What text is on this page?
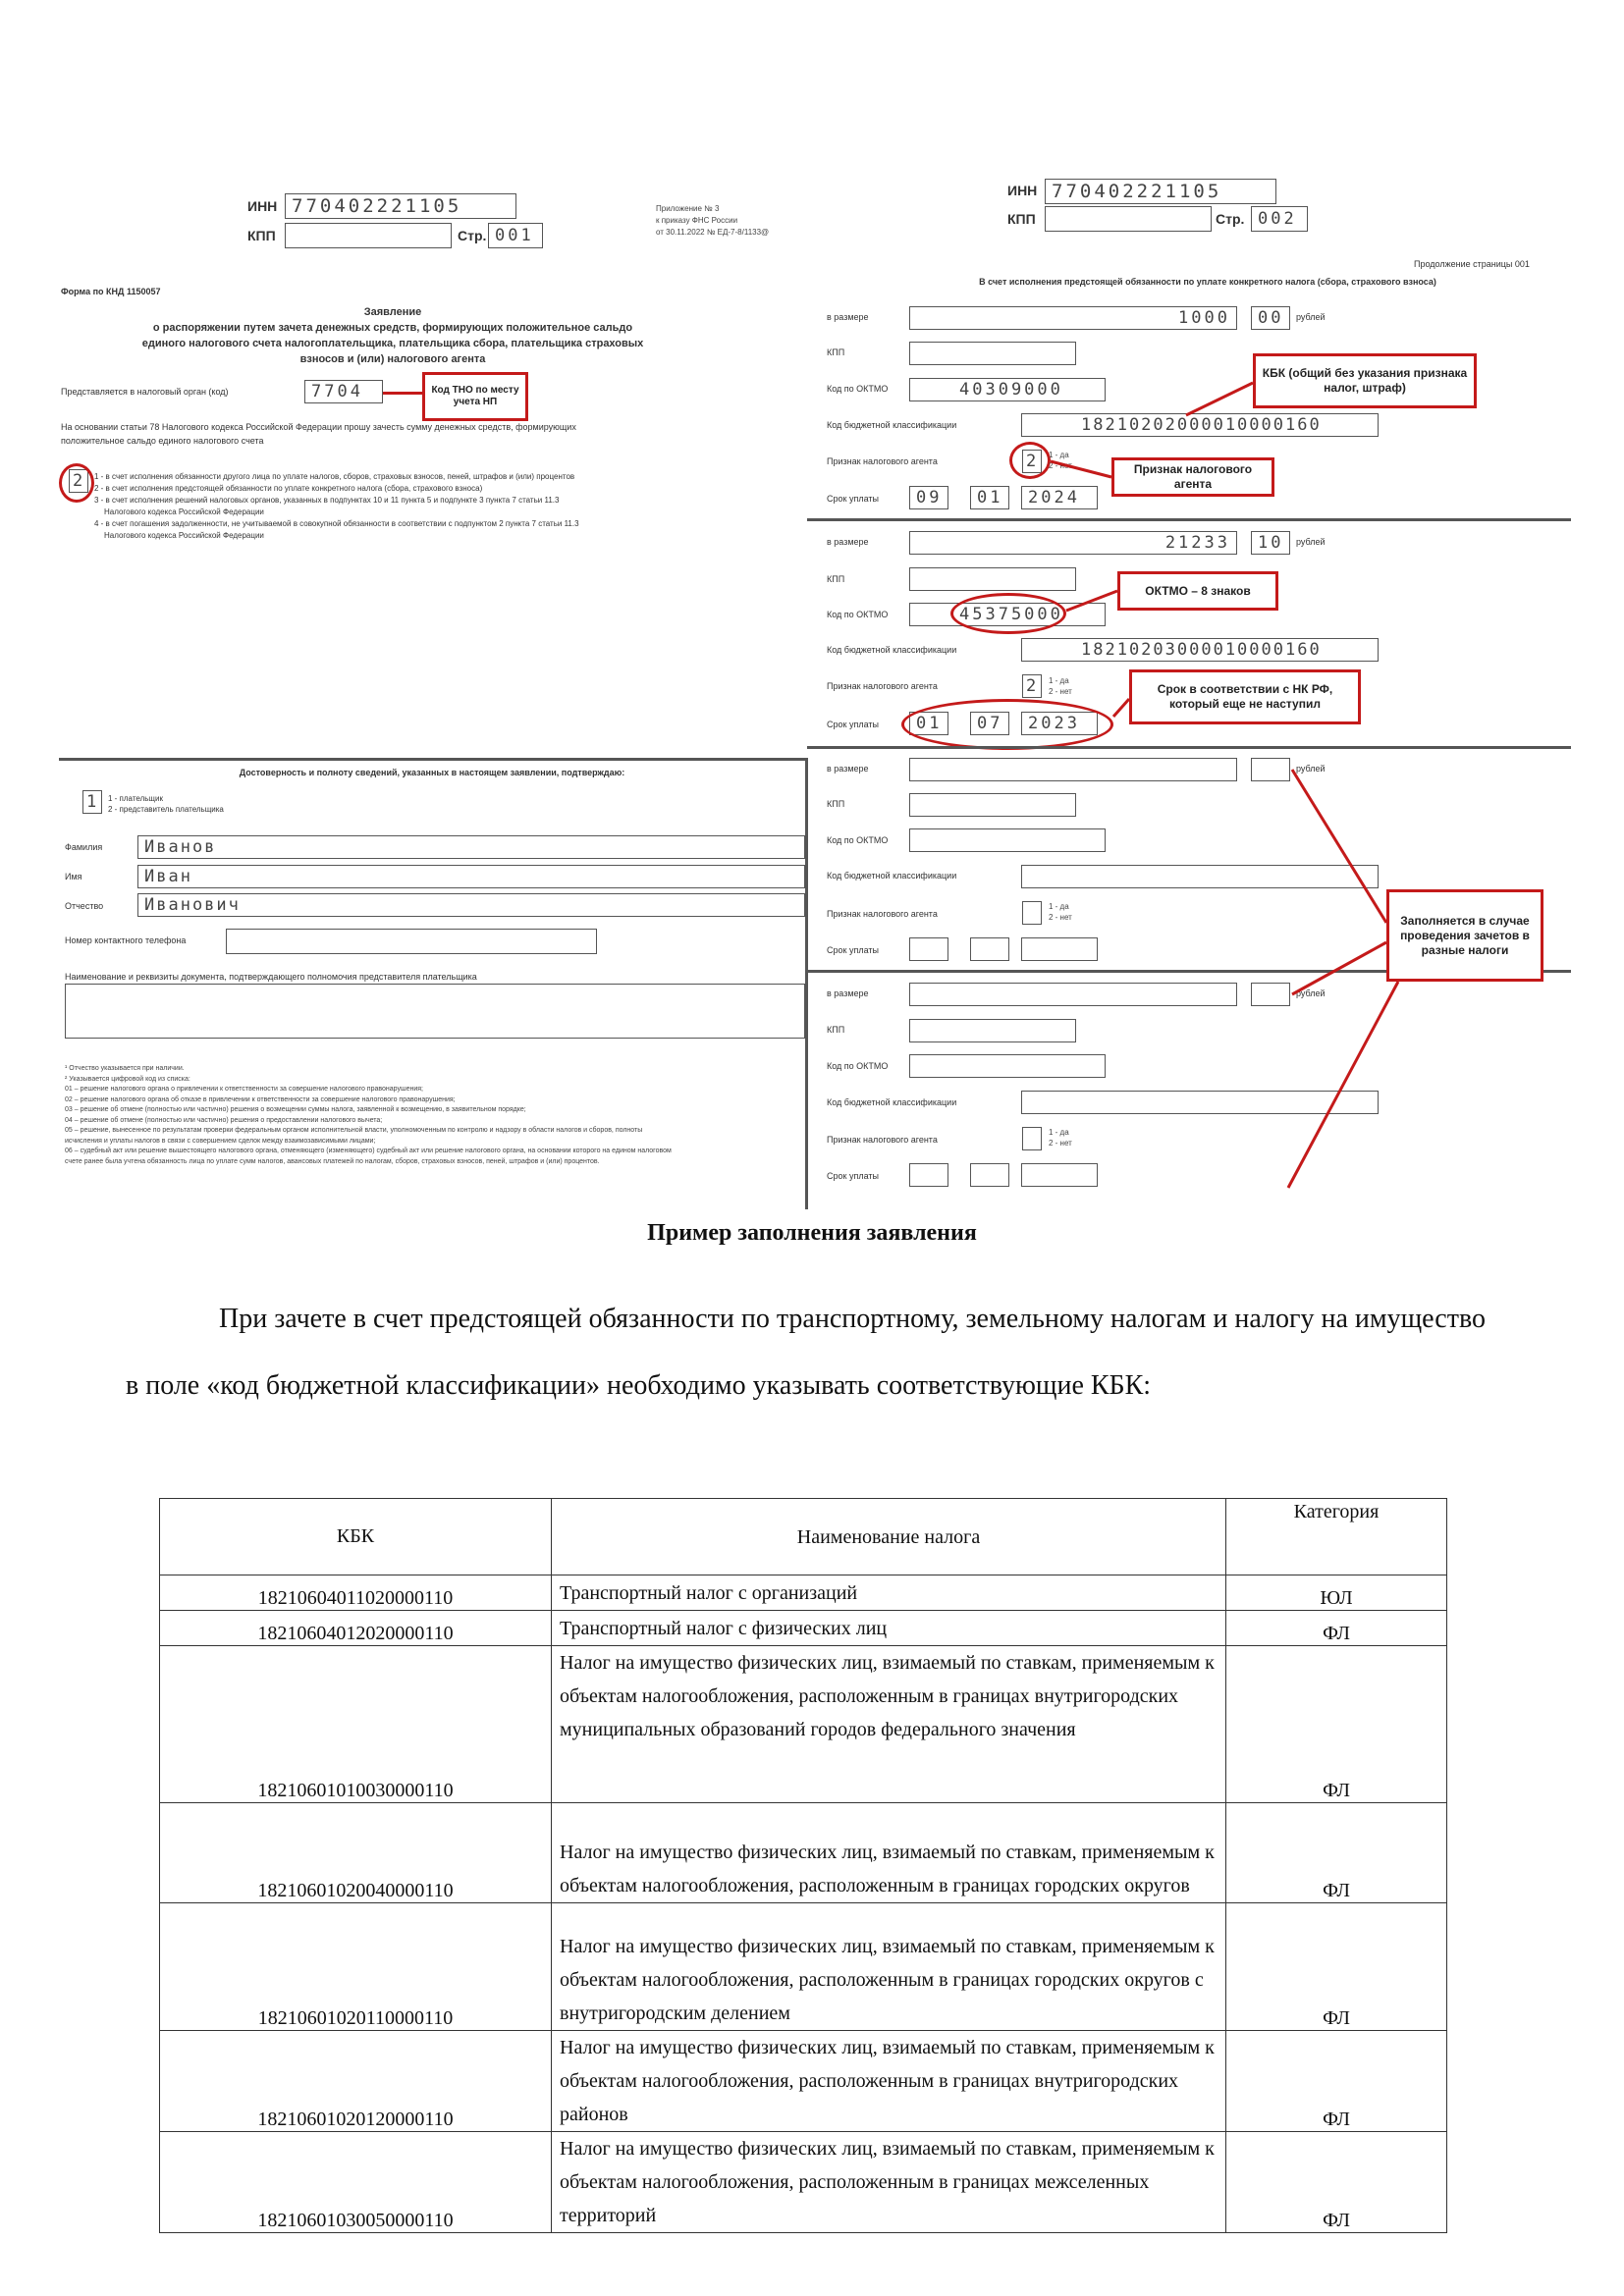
ИНН 770402221105
КПП	Стр. 001
Приложение № 3
к приказу ФНС России
от 30.11.2022 № ЕД-7-8/1133@
Форма по КНД 1150057
Заявление
о распоряжении путем зачета денежных средств, формирующих положительное сальдо
единого налогового счета налогоплательщика, плательщика сбора, плательщика страховых
взносов и (или) налогового агента
Представляется в налоговый орган (код)	7704	Код ТНО по месту учета НП
На основании статьи 78 Налогового кодекса Российской Федерации прошу зачесть сумму денежных средств, формирующих
положительное сальдо единого налогового счета
2	1 - в счет исполнения обязанности другого лица по уплате налогов, сборов, страховых взносов, пеней, штрафов и (или) процентов
2 - в счет исполнения предстоящей обязанности по уплате конкретного налога (сбора, страхового взноса)
3 - в счет исполнения решений налоговых органов, указанных в подпунктах 10 и 11 пункта 5 и подпункте 3 пункта 7 статьи 11.3
Налогового кодекса Российской Федерации
4 - в счет погашения задолженности, не учитываемой в совокупной обязанности в соответствии с подпунктом 2 пункта 7 статьи 11.3
Налогового кодекса Российской Федерации
Достоверность и полноту сведений, указанных в настоящем заявлении, подтверждаю:
1	1 - плательщик
2 - представитель плательщика
Фамилия	Иванов
Имя	Иван
Отчество	Иванович
Номер контактного телефона
Наименование и реквизиты документа, подтверждающего полномочия представителя плательщика
¹ Отчество указывается при наличии.
² Указывается цифровой код из списка:
01 – решение налогового органа о привлечении к ответственности за совершение налогового правонарушения;
02 – решение налогового органа об отказе в привлечении к ответственности за совершение налогового правонарушения;
03 – решение об отмене (полностью или частично) решения о возмещении суммы налога, заявленной к возмещению, в заявительном порядке;
04 – решение об отмене (полностью или частично) решения о предоставлении налогового вычета;
05 – решение, вынесенное по результатам проверки федеральным органом исполнительной власти, уполномоченным по контролю и надзору в области налогов и сборов, полноты
исчисления и уплаты налогов в связи с совершением сделок между взаимозависимыми лицами;
06 – судебный акт или решение вышестоящего налогового органа, отменяющего (изменяющего) судебный акт или решение налогового органа, на основании которого на едином налоговом
счете ранее была учтена обязанность лица по уплате сумм налогов, авансовых платежей по налогам, сборов, страховых взносов, пеней, штрафов и (или) процентов.
ИНН 770402221105
КПП	Стр. 002
Продолжение страницы 001
В счет исполнения предстоящей обязанности по уплате конкретного налога (сбора, страхового взноса)
в размере	1000	00	рублей
КПП
Код по ОКТМО	40309000
Код бюджетной классификации	18210202000010000160
Признак налогового агента	2	1 - да
2 - нет
Срок уплаты	09	01	2024
в размере	21233	10	рублей
КПП
Код по ОКТМО	45375000
Код бюджетной классификации	18210203000010000160
Признак налогового агента	2	1 - да
2 - нет
Срок уплаты	01	07	2023
в размере	рублей
КПП
Код по ОКТМО
Код бюджетной классификации
Признак налогового агента
1 - да
2 - нет
Срок уплаты
в размере	рублей
КПП
Код по ОКТМО
Код бюджетной классификации
Признак налогового агента
1 - да
2 - нет
Срок уплаты
КБК (общий без указания признака налог, штраф)
Признак налогового агента
ОКТМО – 8 знаков
Срок в соответствии с НК РФ, который еще не наступил
Заполняется в случае проведения зачетов в разные налоги
Пример заполнения заявления
При зачете в счет предстоящей обязанности по транспортному, земельному налогам и налогу на имущество в поле «код бюджетной классификации» необходимо указывать соответствующие КБК:
КБК	Наименование налога	Категория
18210604011020000110	Транспортный налог с организаций	ЮЛ
18210604012020000110	Транспортный налог с физических лиц	ФЛ
18210601010030000110	Налог на имущество физических лиц, взимаемый по ставкам, применяемым к объектам налогообложения, расположенным в границах внутригородских муниципальных образований городов федерального значения	ФЛ
18210601020040000110	Налог на имущество физических лиц, взимаемый по ставкам, применяемым к объектам налогообложения, расположенным в границах городских округов	ФЛ
18210601020110000110	Налог на имущество физических лиц, взимаемый по ставкам, применяемым к объектам налогообложения, расположенным в границах городских округов с внутригородским делением	ФЛ
18210601020120000110	Налог на имущество физических лиц, взимаемый по ставкам, применяемым к объектам налогообложения, расположенным в границах внутригородских районов	ФЛ
18210601030050000110	Налог на имущество физических лиц, взимаемый по ставкам, применяемым к объектам налогообложения, расположенным в границах межселенных территорий	ФЛ
